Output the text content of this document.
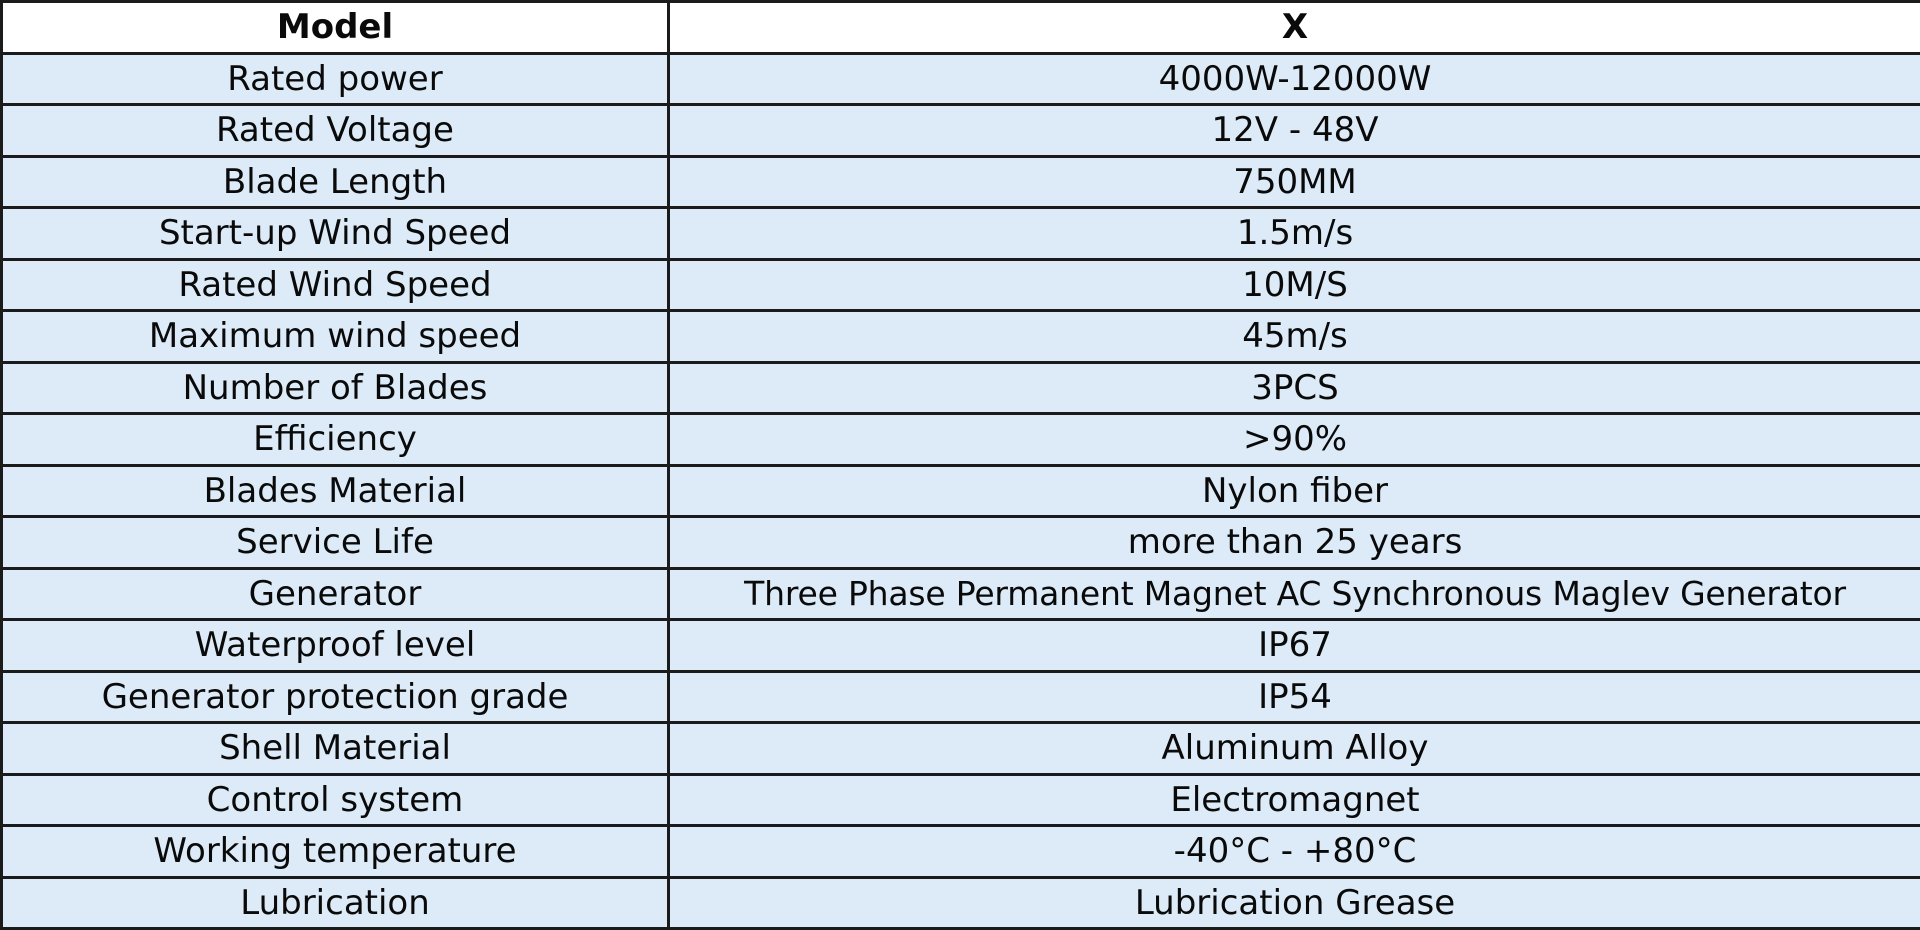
Model	X
Rated power	4000W-12000W
Rated Voltage	12V - 48V
Blade Length	750MM
Start-up Wind Speed	1.5m/s
Rated Wind Speed	10M/S
Maximum wind speed	45m/s
Number of Blades	3PCS
Efficiency	>90%
Blades Material	Nylon fiber
Service Life	more than 25 years
Generator	Three Phase Permanent Magnet AC Synchronous Maglev Generator
Waterproof level	IP67
Generator protection grade	IP54
Shell Material	Aluminum Alloy
Control system	Electromagnet
Working temperature	-40°C - +80°C
Lubrication	Lubrication Grease
